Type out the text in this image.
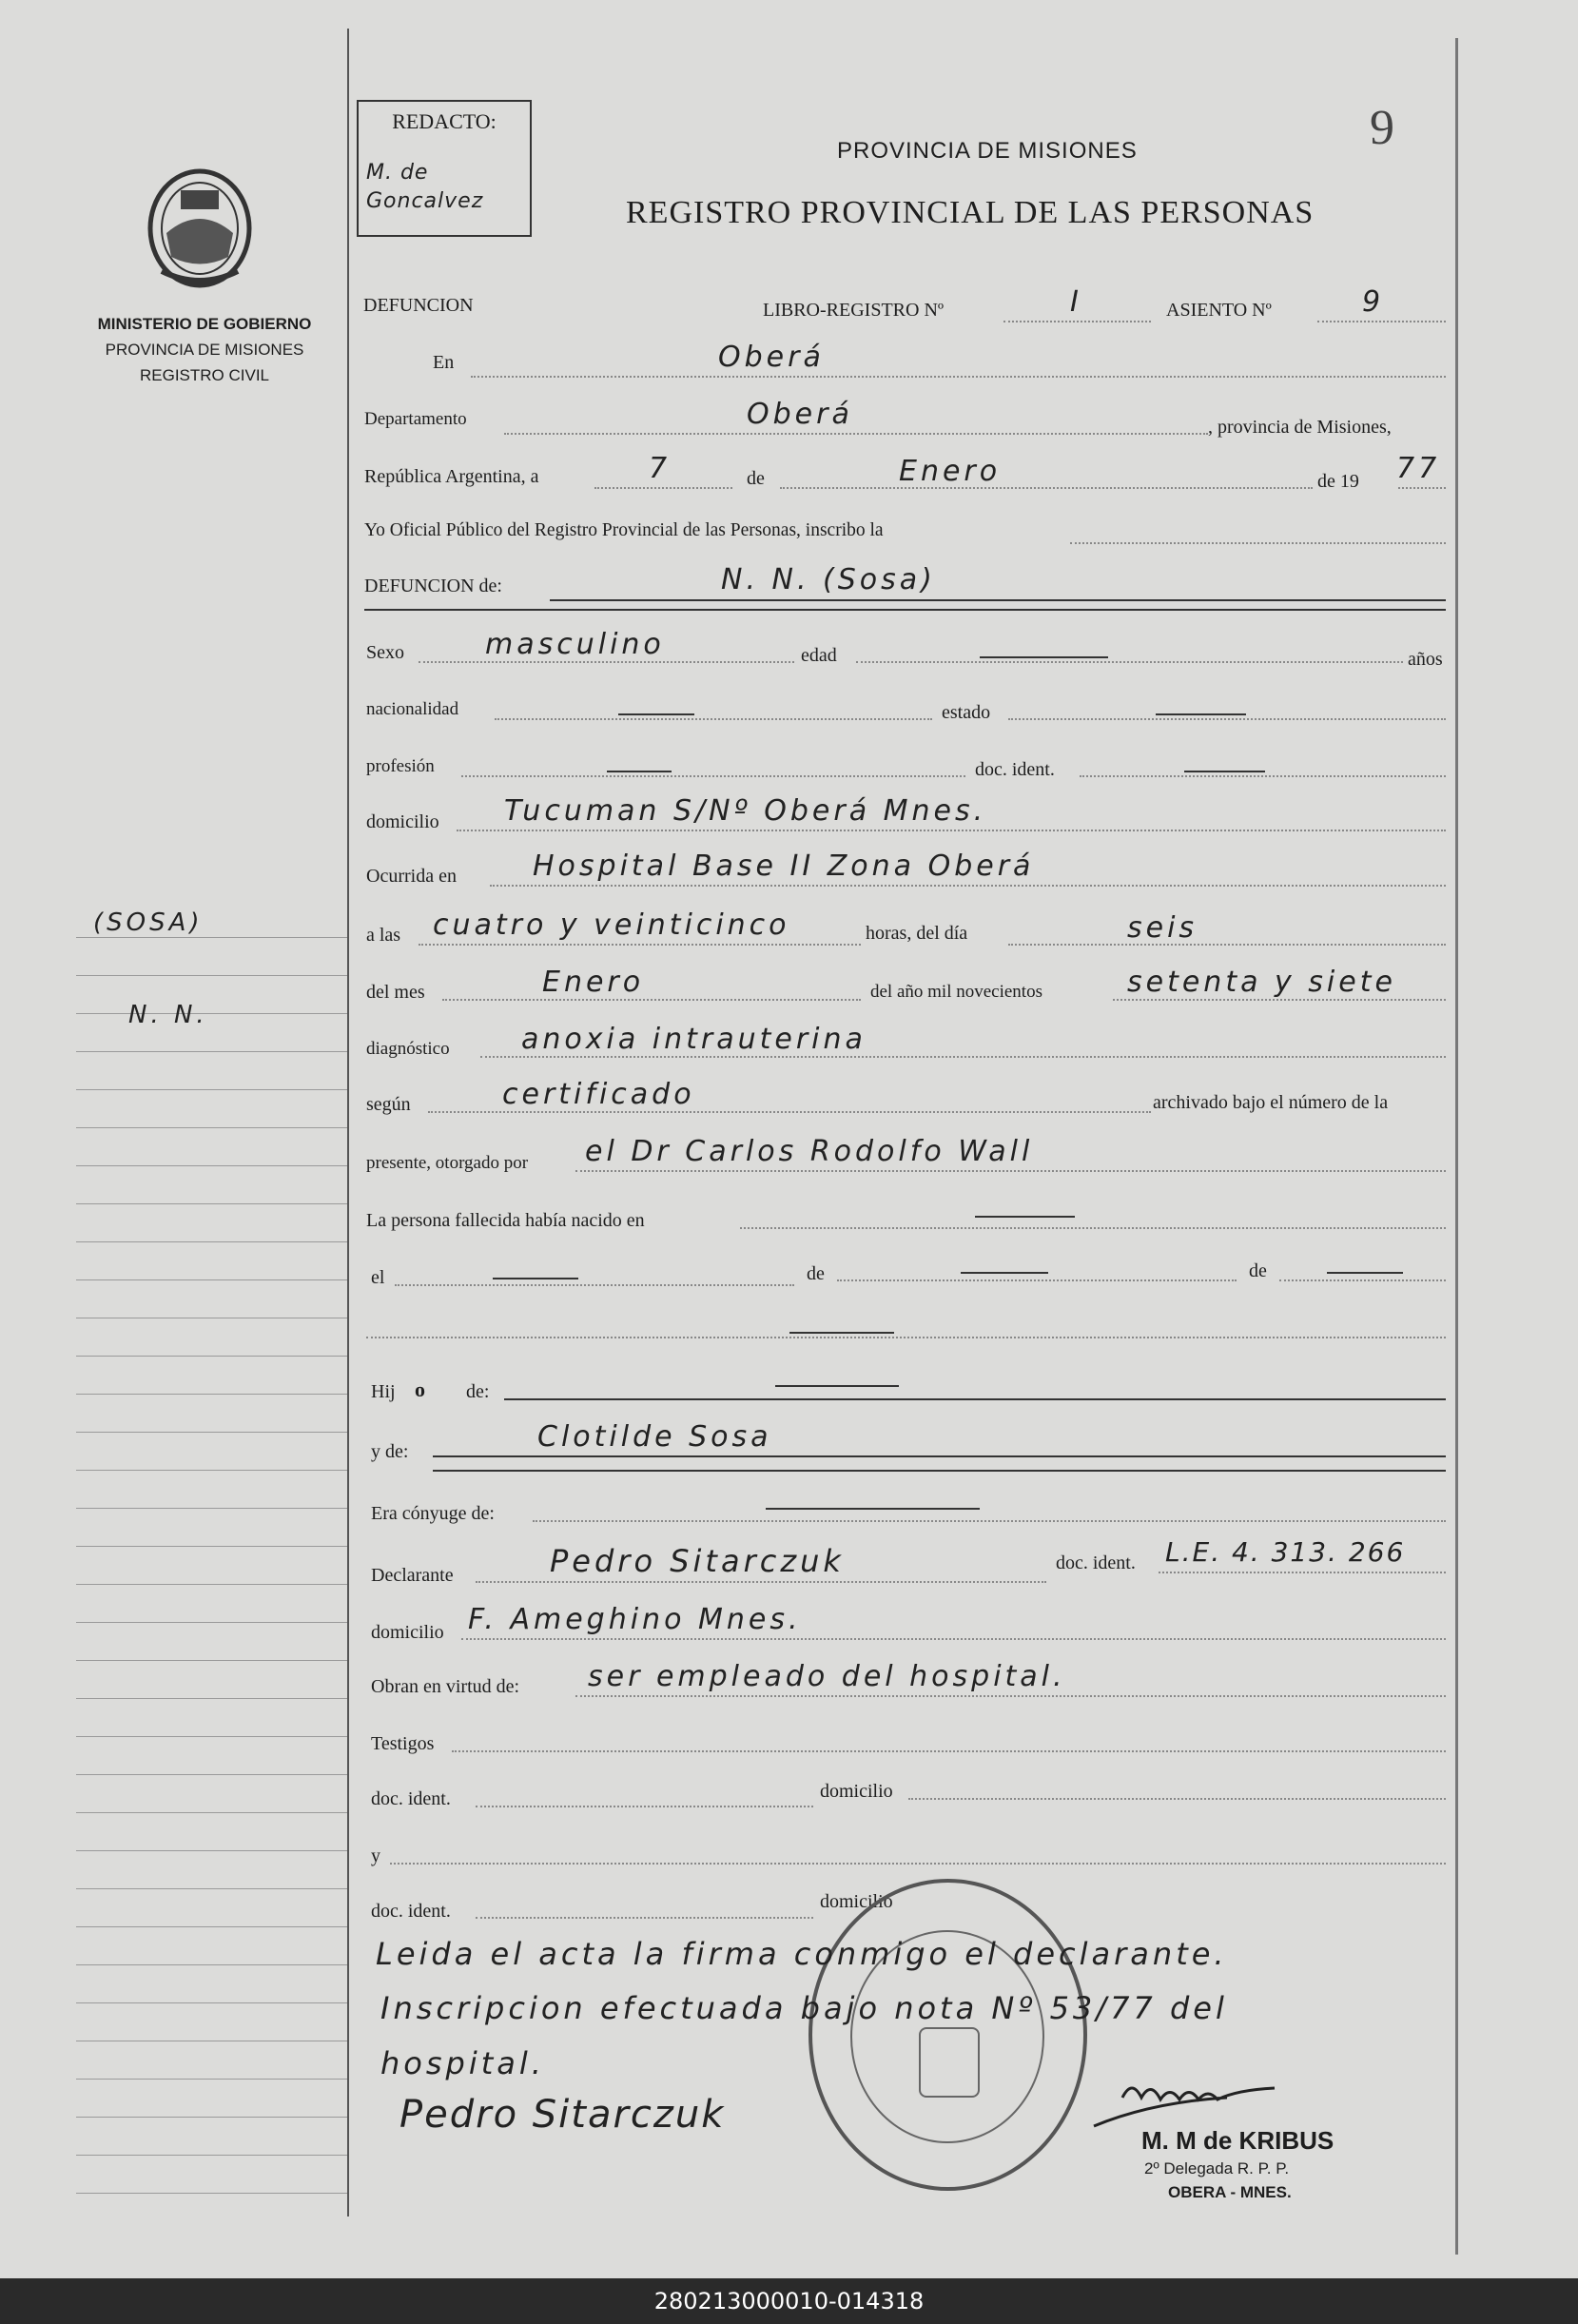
MINISTERIO DE GOBIERNO
PROVINCIA DE MISIONES
REGISTRO CIVIL
(SOSA)
N. N.
REDACTO:
M. de
Goncalvez
9
PROVINCIA DE MISIONES
REGISTRO PROVINCIAL DE LAS PERSONAS
DEFUNCION	LIBRO-REGISTRO Nº	I	ASIENTO Nº	9
En	Oberá
Departamento	Oberá	, provincia de Misiones,
República Argentina, a	7	de	Enero	de 19 77
Yo Oficial Público del Registro Provincial de las Personas, inscribo la
DEFUNCION de:	N. N. (Sosa)
Sexo	masculino	edad	años
nacionalidad	estado
profesión	doc. ident.
domicilio Tucuman S/Nº Oberá Mnes.
Ocurrida en	Hospital Base II Zona Oberá
a las cuatro y veinticinco	horas, del día	seis
del mes	Enero	del año mil novecientos	setenta y siete
diagnóstico	anoxia intrauterina
según	certificado	archivado bajo el número de la
presente, otorgado por el Dr Carlos Rodolfo Wall
La persona fallecida había nacido en
el	de	de
Hij o de:
y de:	Clotilde Sosa
Era cónyuge de:
Declarante	Pedro Sitarczuk	doc. ident. L.E. 4. 313. 266
domicilio F. Ameghino Mnes.
Obran en virtud de: ser empleado del hospital.
Testigos
doc. ident.	domicilio
y
doc. ident.	domicilio
Leida el acta la firma conmigo el declarante.
Inscripcion efectuada bajo nota Nº 53/77 del
hospital.
Pedro Sitarczuk
M. M de KRIBUS
2º Delegada R. P. P.
OBERA - MNES.
280213000010-014318
